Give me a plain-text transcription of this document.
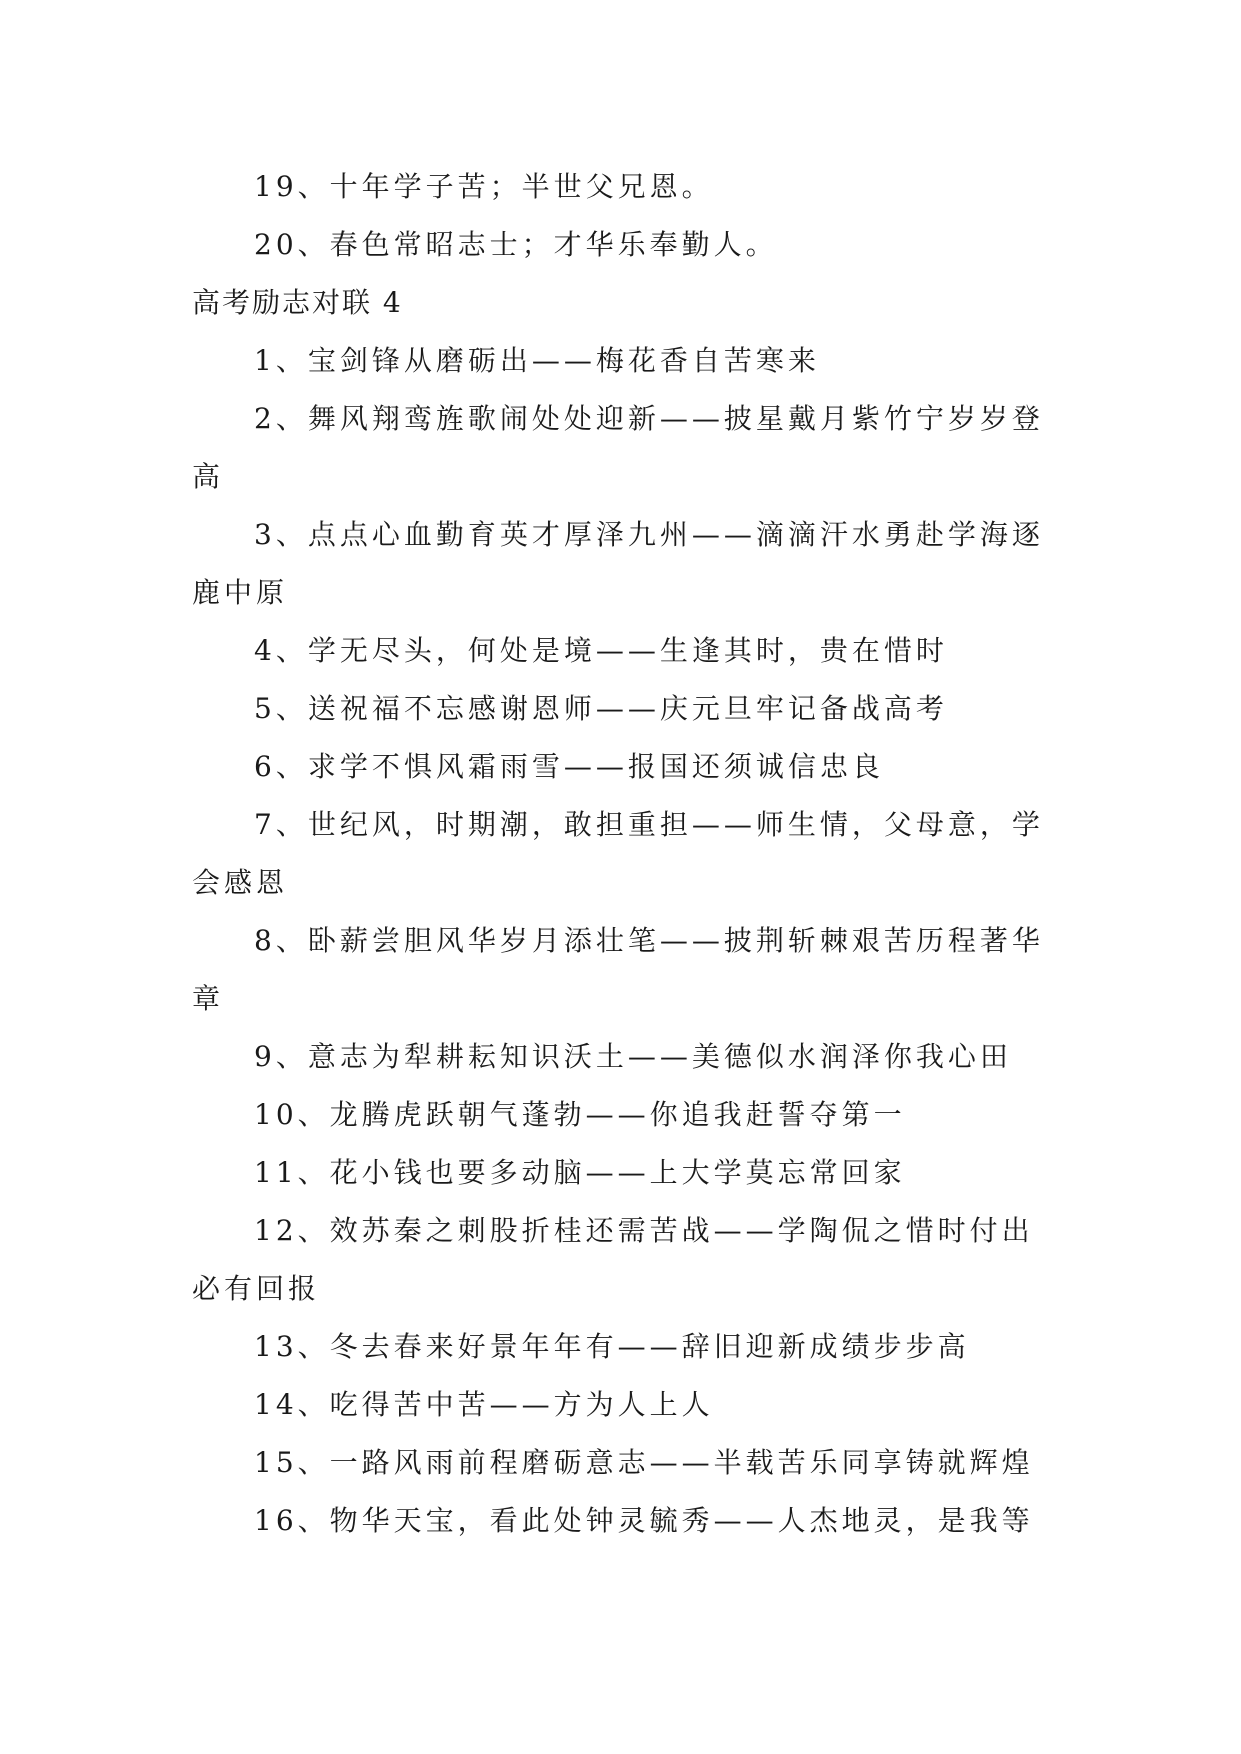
19、十年学子苦；半世父兄恩。

20、春色常昭志士；才华乐奉勤人。

高考励志对联 4

1、宝剑锋从磨砺出——梅花香自苦寒来

2、舞风翔鸾旌歌闹处处迎新——披星戴月紫竹宁岁岁登高

3、点点心血勤育英才厚泽九州——滴滴汗水勇赴学海逐鹿中原

4、学无尽头，何处是境——生逢其时，贵在惜时

5、送祝福不忘感谢恩师——庆元旦牢记备战高考

6、求学不惧风霜雨雪——报国还须诚信忠良

7、世纪风，时期潮，敢担重担——师生情，父母意，学会感恩

8、卧薪尝胆风华岁月添壮笔——披荆斩棘艰苦历程著华章

9、意志为犁耕耘知识沃土——美德似水润泽你我心田

10、龙腾虎跃朝气蓬勃——你追我赶誓夺第一

11、花小钱也要多动脑——上大学莫忘常回家

12、效苏秦之刺股折桂还需苦战——学陶侃之惜时付出必有回报

13、冬去春来好景年年有——辞旧迎新成绩步步高

14、吃得苦中苦——方为人上人

15、一路风雨前程磨砺意志——半载苦乐同享铸就辉煌

16、物华天宝，看此处钟灵毓秀——人杰地灵，是我等
